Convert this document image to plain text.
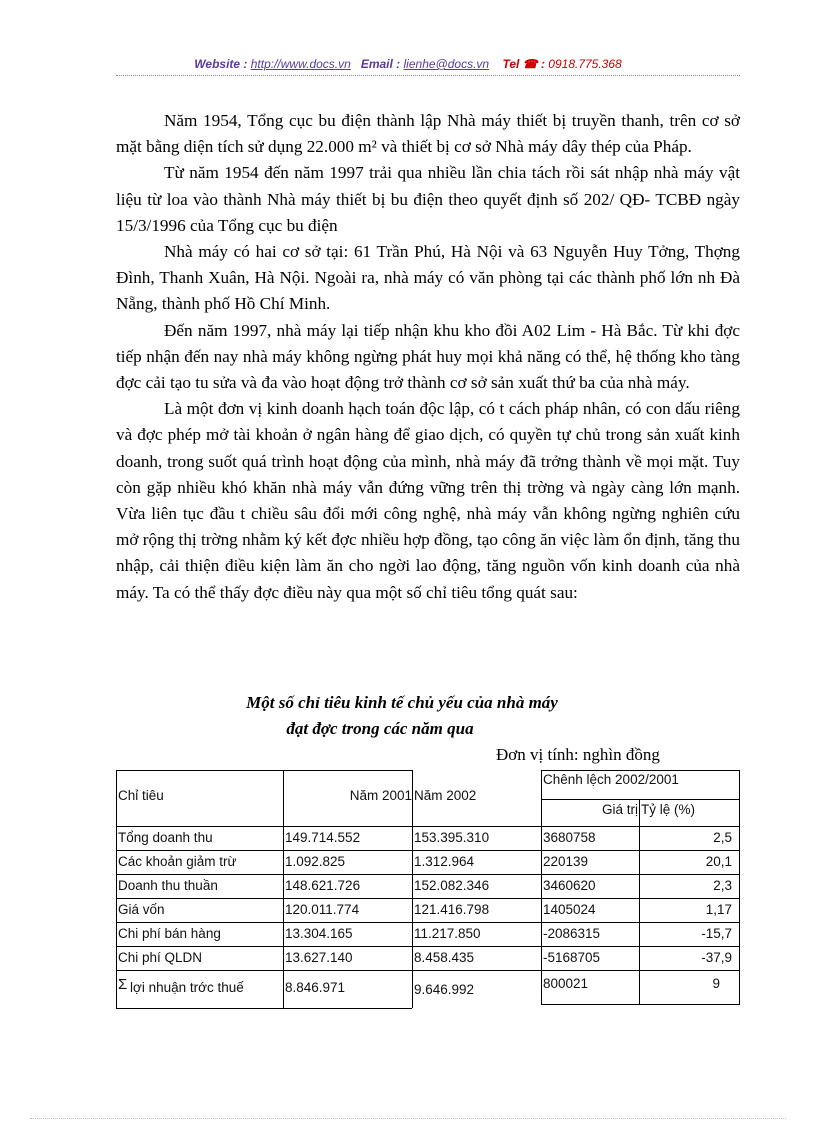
Website : http://www.docs.vn Email : lienhe@docs.vn Tel ☎ : 0918.775.368

Năm 1954, Tổng cục bu điện thành lập Nhà máy thiết bị truyền thanh, trên cơ sở mặt bằng diện tích sử dụng 22.000 m² và thiết bị cơ sở Nhà máy dây thép của Pháp.

Từ năm 1954 đến năm 1997 trải qua nhiều lần chia tách rồi sát nhập nhà máy vật liệu từ loa vào thành Nhà máy thiết bị bu điện theo quyết định số 202/ QĐ- TCBĐ ngày 15/3/1996 của Tổng cục bu điện

Nhà máy có hai cơ sở tại: 61 Trần Phú, Hà Nội và 63 Nguyễn Huy Tởng, Thợng Đình, Thanh Xuân, Hà Nội. Ngoài ra, nhà máy có văn phòng tại các thành phố lớn nh Đà Nẵng, thành phố Hồ Chí Minh.

Đến năm 1997, nhà máy lại tiếp nhận khu kho đồi A02 Lim - Hà Bắc. Từ khi đợc tiếp nhận đến nay nhà máy không ngừng phát huy mọi khả năng có thể, hệ thống kho tàng đợc cải tạo tu sửa và đa vào hoạt động trở thành cơ sở sản xuất thứ ba của nhà máy.

Là một đơn vị kinh doanh hạch toán độc lập, có t cách pháp nhân, có con dấu riêng và đợc phép mở tài khoản ở ngân hàng để giao dịch, có quyền tự chủ trong sản xuất kinh doanh, trong suốt quá trình hoạt động của mình, nhà máy đã trởng thành về mọi mặt. Tuy còn gặp nhiều khó khăn nhà máy vẫn đứng vững trên thị trờng và ngày càng lớn mạnh. Vừa liên tục đầu t chiều sâu đổi mới công nghệ, nhà máy vẫn không ngừng nghiên cứu mở rộng thị trờng nhằm ký kết đợc nhiều hợp đồng, tạo công ăn việc làm ổn định, tăng thu nhập, cải thiện điều kiện làm ăn cho ngời lao động, tăng nguồn vốn kinh doanh của nhà máy. Ta có thể thấy đợc điều này qua một số chỉ tiêu tổng quát sau:

Một số chỉ tiêu kinh tế chủ yếu của nhà máy
đạt đợc trong các năm qua
Đơn vị tính: nghìn đồng
Chỉ tiêu	Năm 2001 Năm 2002
Chênh lệch 2002/2001
Giá trị Tỷ lệ (%)
Tổng doanh thu	149.714.552	153.395.310	3680758	2,5
Các khoản giảm trừ	1.092.825	1.312.964	220139	20,1
Doanh thu thuần	148.621.726	152.082.346	3460620	2,3
Giá vốn	120.011.774	121.416.798	1405024	1,17
Chi phí bán hàng	13.304.165	11.217.850	-2086315	-15,7
Chi phí QLDN	13.627.140	8.458.435	-5168705	-37,9
Σ lợi nhuận trớc thuế	8.846.971	9.646.992	800021	9
